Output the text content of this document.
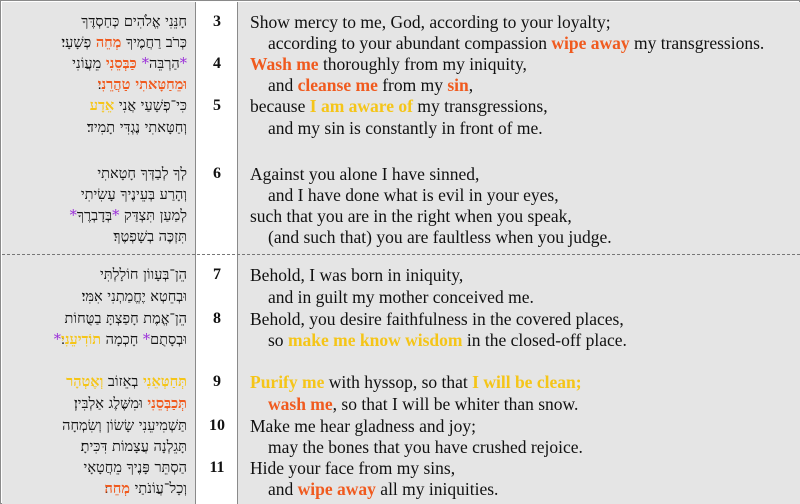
חָנֵּנִי אֱלֹהִים כְּחַסְדֶּךָ
כְּרֹב רַחֲמֶיךָ מְחֵה פְשָׁעָי׃
*הַרְבֵּה* כַּבְּסֵנִי מֵעֲוֹנִי
וּמֵחַטָּאתִי טַהֲרֵנִי
כִּי־פְשָׁעַי אֲנִי אֵדָע
וְחַטָּאתִי נֶגְדִּי תָמִיד׃
לְךָ לְבַדְּךָ חָטָאתִי
וְהָרַע בְּעֵינֶיךָ עָשִׂיתִי
לְמַעַן תִּצְדַּק *בְּדָבְרֶךָ*
תִּזְכֶּה בְשָׁפְטֶךָ׃
הֵן־בְּעָווֹן חוֹלָלְתִּי
וּבְחֵטְא יֶחֱמַתְנִי אִמִּי׃
הֵן־אֱמֶת חָפַצְתָּ בַטֻּחוֹת
וּבְסָתֻם* חָכְמָה תוֹדִיעֵנִי*
תְּחַטְּאֵנִי בְאֵזוֹב וְאֶטְהָר
תְּכַבְּסֵנִי וּמִשֶּׁלֶג אַלְבִּין׃
תַּשְׁמִיעֵנִי שָׂשׂוֹן וְשִׂמְחָה
תָּגֵלְנָה עֲצָמוֹת דִּכִּיתָ׃
הַסְתֵּר פָּנֶיךָ מֵחֲטָאָי
וְכָל־עֲוֹנֹתַי מְחֵה
3
4
5
6
7
8
9
10
11
Show mercy to me, God, according to your loyalty;
according to your abundant compassion wipe away my transgressions.
Wash me thoroughly from my iniquity,
and cleanse me from my sin,
because I am aware of my transgressions,
and my sin is constantly in front of me.
Against you alone I have sinned,
and I have done what is evil in your eyes,
such that you are in the right when you speak,
(and such that) you are faultless when you judge.
Behold, I was born in iniquity,
and in guilt my mother conceived me.
Behold, you desire faithfulness in the covered places,
so make me know wisdom in the closed-off place.
Purify me with hyssop, so that I will be clean;
wash me, so that I will be whiter than snow.
Make me hear gladness and joy;
may the bones that you have crushed rejoice.
Hide your face from my sins,
and wipe away all my iniquities.
